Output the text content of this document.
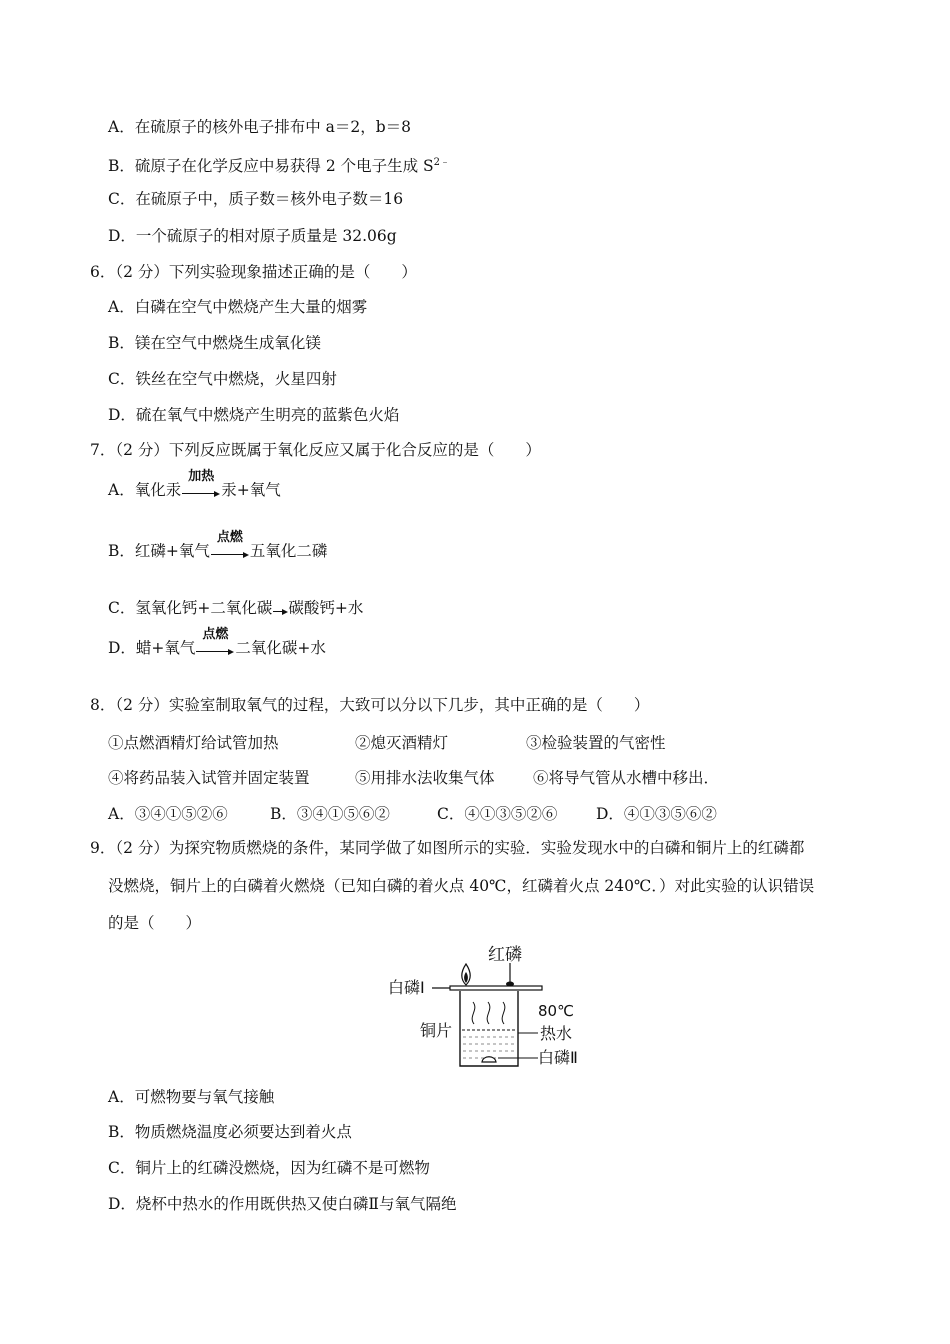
A．在硫原子的核外电子排布中 a＝2，b＝8
B．硫原子在化学反应中易获得 2 个电子生成 $S^{2﹣}$
C．在硫原子中，质子数＝核外电子数＝16
D．一个硫原子的相对原子质量是 32.06g
6．（2 分）下列实验现象描述正确的是（　　）
A．白磷在空气中燃烧产生大量的烟雾
B．镁在空气中燃烧生成氧化镁
C．铁丝在空气中燃烧，火星四射
D．硫在氧气中燃烧产生明亮的蓝紫色火焰
7．（2 分）下列反应既属于氧化反应又属于化合反应的是（　　）
A．氧化汞
加热
汞+氧气
B．红磷+氧气
点燃
五氧化二磷
C．氢氧化钙+二氧化碳 碳酸钙+水
D．蜡+氧气
点燃
二氧化碳+水
8．（2 分）实验室制取氧气的过程，大致可以分以下几步，其中正确的是（　　）
①点燃酒精灯给试管加热	②熄灭酒精灯	③检验装置的气密性
④将药品装入试管并固定装置	⑤用排水法收集气体 ⑥将导气管从水槽中移出．
A．③④①⑤②⑥	B．③④①⑤⑥②	C．④①③⑤②⑥ D．④①③⑤⑥②
9．（2 分）为探究物质燃烧的条件，某同学做了如图所示的实验．实验发现水中的白磷和铜片上的红磷都
没燃烧，铜片上的白磷着火燃烧（已知白磷的着火点 40℃，红磷着火点 240℃．）对此实验的认识错误
的是（　　）
红磷
白磷Ⅰ
铜片
80℃
热水
白磷Ⅱ
A．可燃物要与氧气接触
B．物质燃烧温度必须要达到着火点
C．铜片上的红磷没燃烧，因为红磷不是可燃物
D．烧杯中热水的作用既供热又使白磷Ⅱ与氧气隔绝
